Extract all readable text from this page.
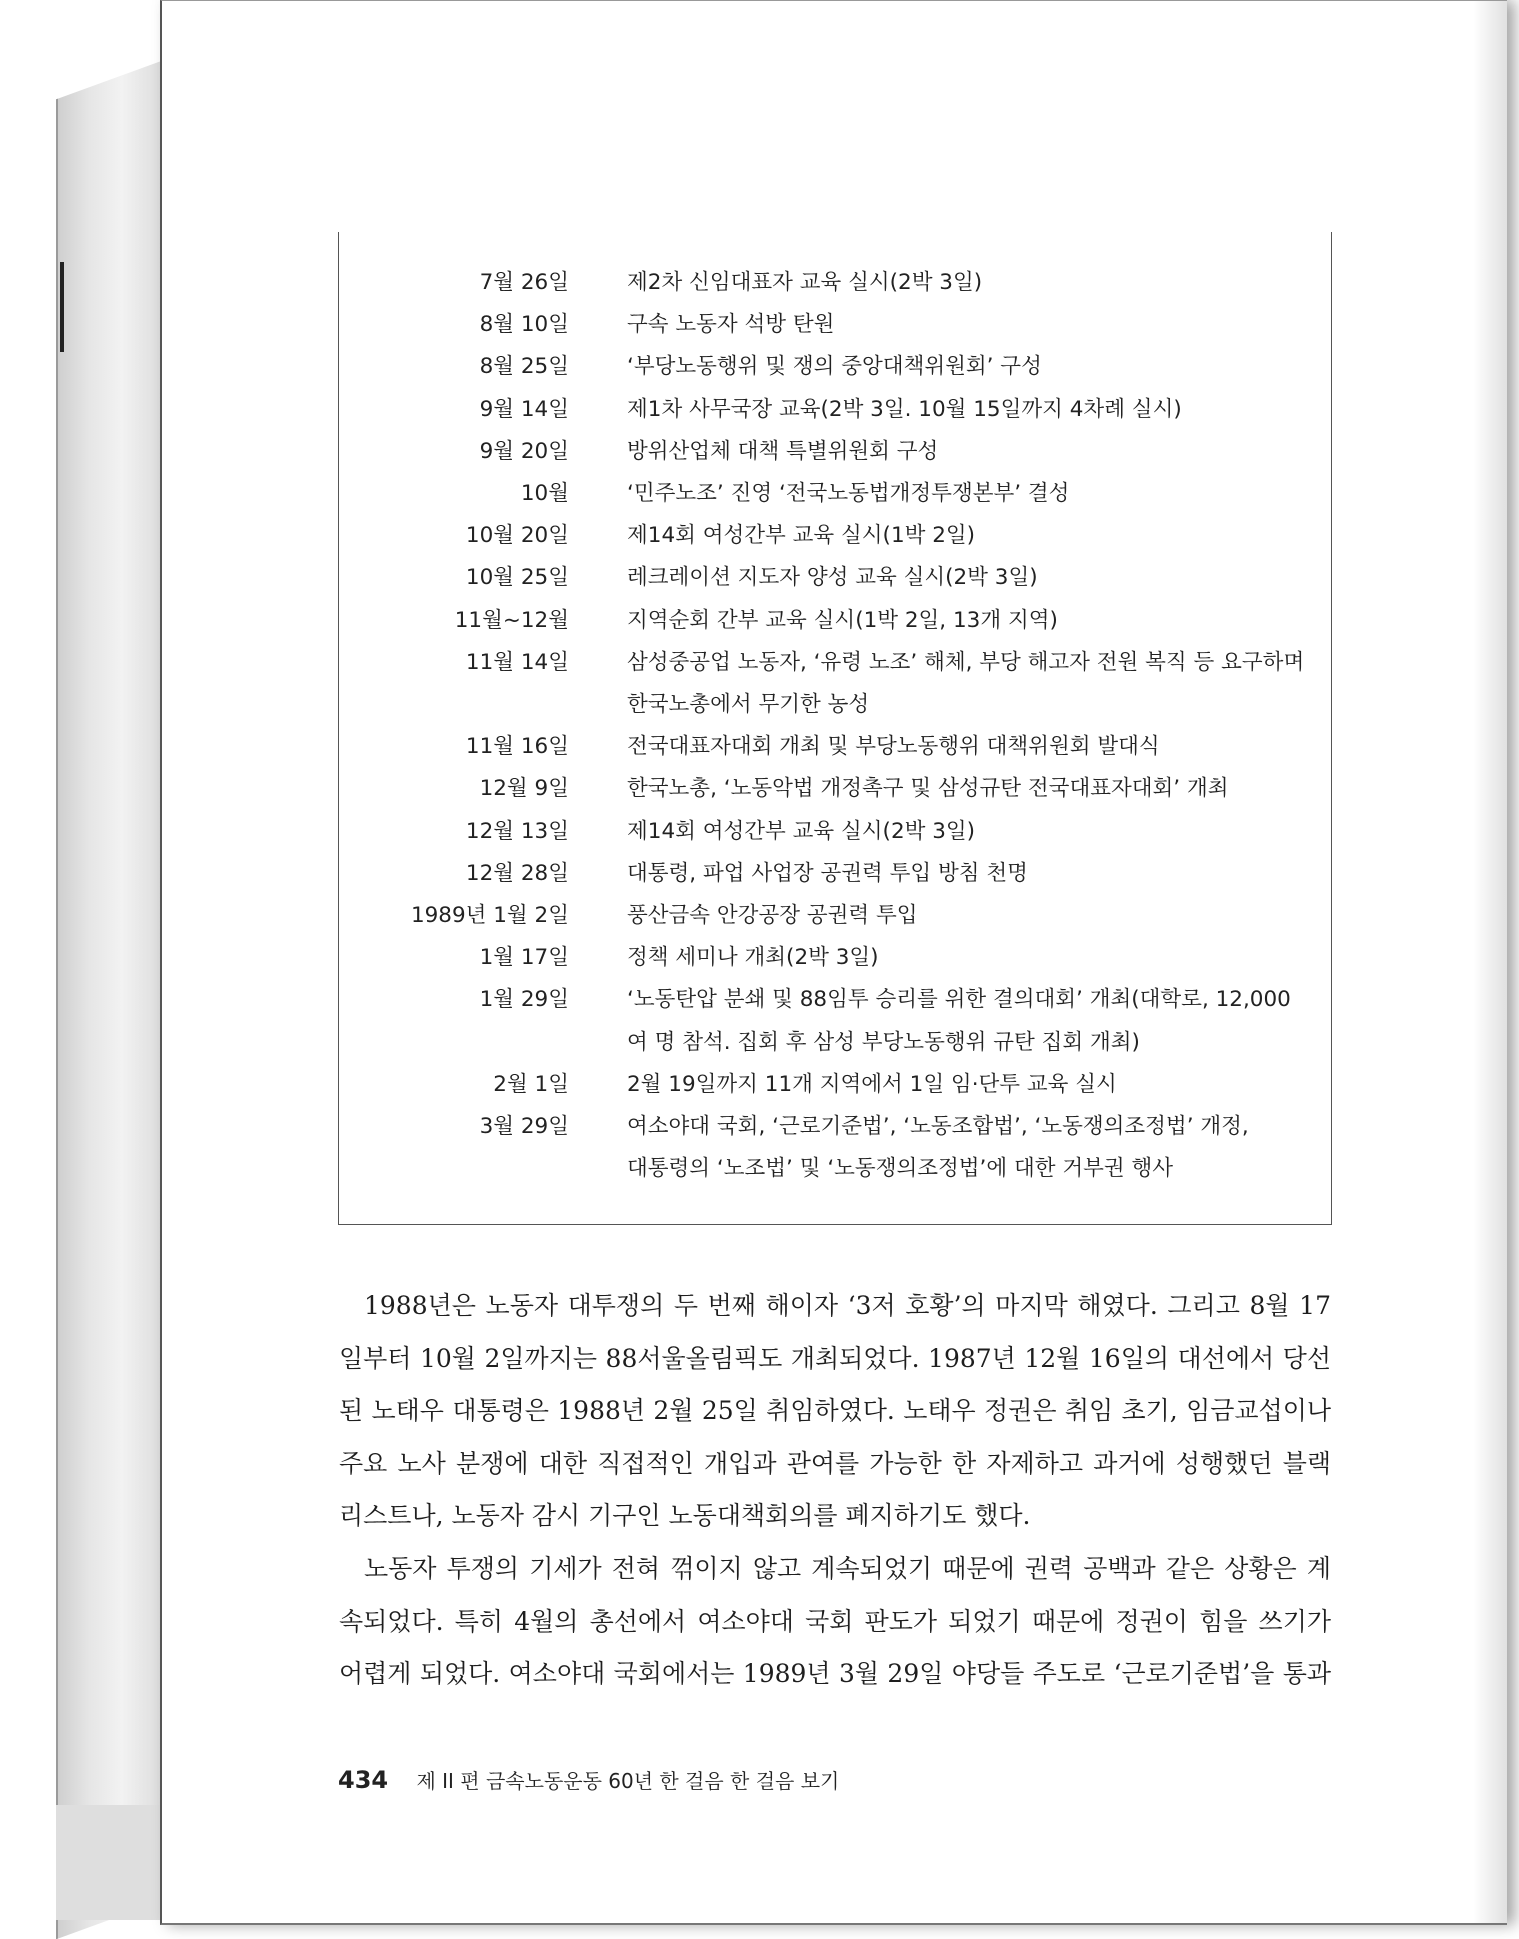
7월 26일	제2차 신임대표자 교육 실시(2박 3일)
8월 10일	구속 노동자 석방 탄원
8월 25일	‘부당노동행위 및 쟁의 중앙대책위원회’ 구성
9월 14일	제1차 사무국장 교육(2박 3일. 10월 15일까지 4차례 실시)
9월 20일	방위산업체 대책 특별위원회 구성
10월	‘민주노조’ 진영 ‘전국노동법개정투쟁본부’ 결성
10월 20일	제14회 여성간부 교육 실시(1박 2일)
10월 25일	레크레이션 지도자 양성 교육 실시(2박 3일)
11월~12월	지역순회 간부 교육 실시(1박 2일, 13개 지역)
11월 14일	삼성중공업 노동자, ‘유령 노조’ 해체, 부당 해고자 전원 복직 등 요구하며
한국노총에서 무기한 농성
11월 16일	전국대표자대회 개최 및 부당노동행위 대책위원회 발대식
12월 9일	한국노총, ‘노동악법 개정촉구 및 삼성규탄 전국대표자대회’ 개최
12월 13일	제14회 여성간부 교육 실시(2박 3일)
12월 28일	대통령, 파업 사업장 공권력 투입 방침 천명
1989년 1월 2일	풍산금속 안강공장 공권력 투입
1월 17일	정책 세미나 개최(2박 3일)
1월 29일	‘노동탄압 분쇄 및 88임투 승리를 위한 결의대회’ 개최(대학로, 12,000
여 명 참석. 집회 후 삼성 부당노동행위 규탄 집회 개최)
2월 1일	2월 19일까지 11개 지역에서 1일 임·단투 교육 실시
3월 29일	여소야대 국회, ‘근로기준법’, ‘노동조합법’, ‘노동쟁의조정법’ 개정,
대통령의 ‘노조법’ 및 ‘노동쟁의조정법’에 대한 거부권 행사
1988년은 노동자 대투쟁의 두 번째 해이자 ‘3저 호황’의 마지막 해였다. 그리고 8월 17
일부터 10월 2일까지는 88서울올림픽도 개최되었다. 1987년 12월 16일의 대선에서 당선
된 노태우 대통령은 1988년 2월 25일 취임하였다. 노태우 정권은 취임 초기, 임금교섭이나
주요 노사 분쟁에 대한 직접적인 개입과 관여를 가능한 한 자제하고 과거에 성행했던 블랙
리스트나, 노동자 감시 기구인 노동대책회의를 폐지하기도 했다.
노동자 투쟁의 기세가 전혀 꺾이지 않고 계속되었기 때문에 권력 공백과 같은 상황은 계
속되었다. 특히 4월의 총선에서 여소야대 국회 판도가 되었기 때문에 정권이 힘을 쓰기가
어렵게 되었다. 여소야대 국회에서는 1989년 3월 29일 야당들 주도로 ‘근로기준법’을 통과
434 제 II 편 금속노동운동 60년 한 걸음 한 걸음 보기
